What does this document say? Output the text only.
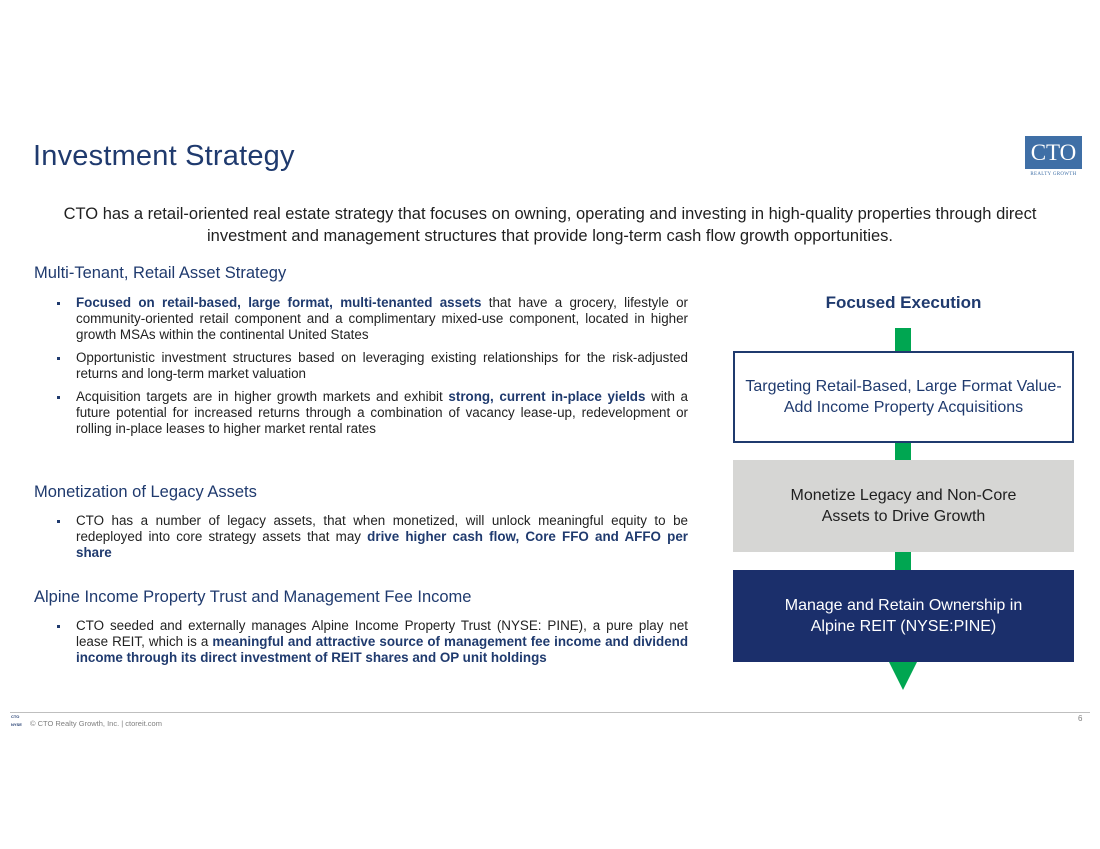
Investment Strategy	CTO
REALTY GROWTH
CTO has a retail-oriented real estate strategy that focuses on owning, operating and investing in high-quality properties through direct investment and management structures that provide long-term cash flow growth opportunities.
Multi-Tenant, Retail Asset Strategy
Focused on retail-based, large format, multi-tenanted assets that have a grocery, lifestyle or community-oriented retail component and a complimentary mixed-use component, located in higher growth MSAs within the continental United States
Opportunistic investment structures based on leveraging existing relationships for the risk-adjusted returns and long-term market valuation
Acquisition targets are in higher growth markets and exhibit strong, current in-place yields with a future potential for increased returns through a combination of vacancy lease-up, redevelopment or rolling in-place leases to higher market rental rates
Monetization of Legacy Assets
CTO has a number of legacy assets, that when monetized, will unlock meaningful equity to be redeployed into core strategy assets that may drive higher cash flow, Core FFO and AFFO per share
Alpine Income Property Trust and Management Fee Income
CTO seeded and externally manages Alpine Income Property Trust (NYSE: PINE), a pure play net lease REIT, which is a meaningful and attractive source of management fee income and dividend income through its direct investment of REIT shares and OP unit holdings
Focused Execution
Targeting Retail-Based, Large Format Value-Add Income Property Acquisitions
Monetize Legacy and Non-Core Assets to Drive Growth
Manage and Retain Ownership in Alpine REIT (NYSE:PINE)
CTO
NYSE	© CTO Realty Growth, Inc. | ctoreit.com
6
